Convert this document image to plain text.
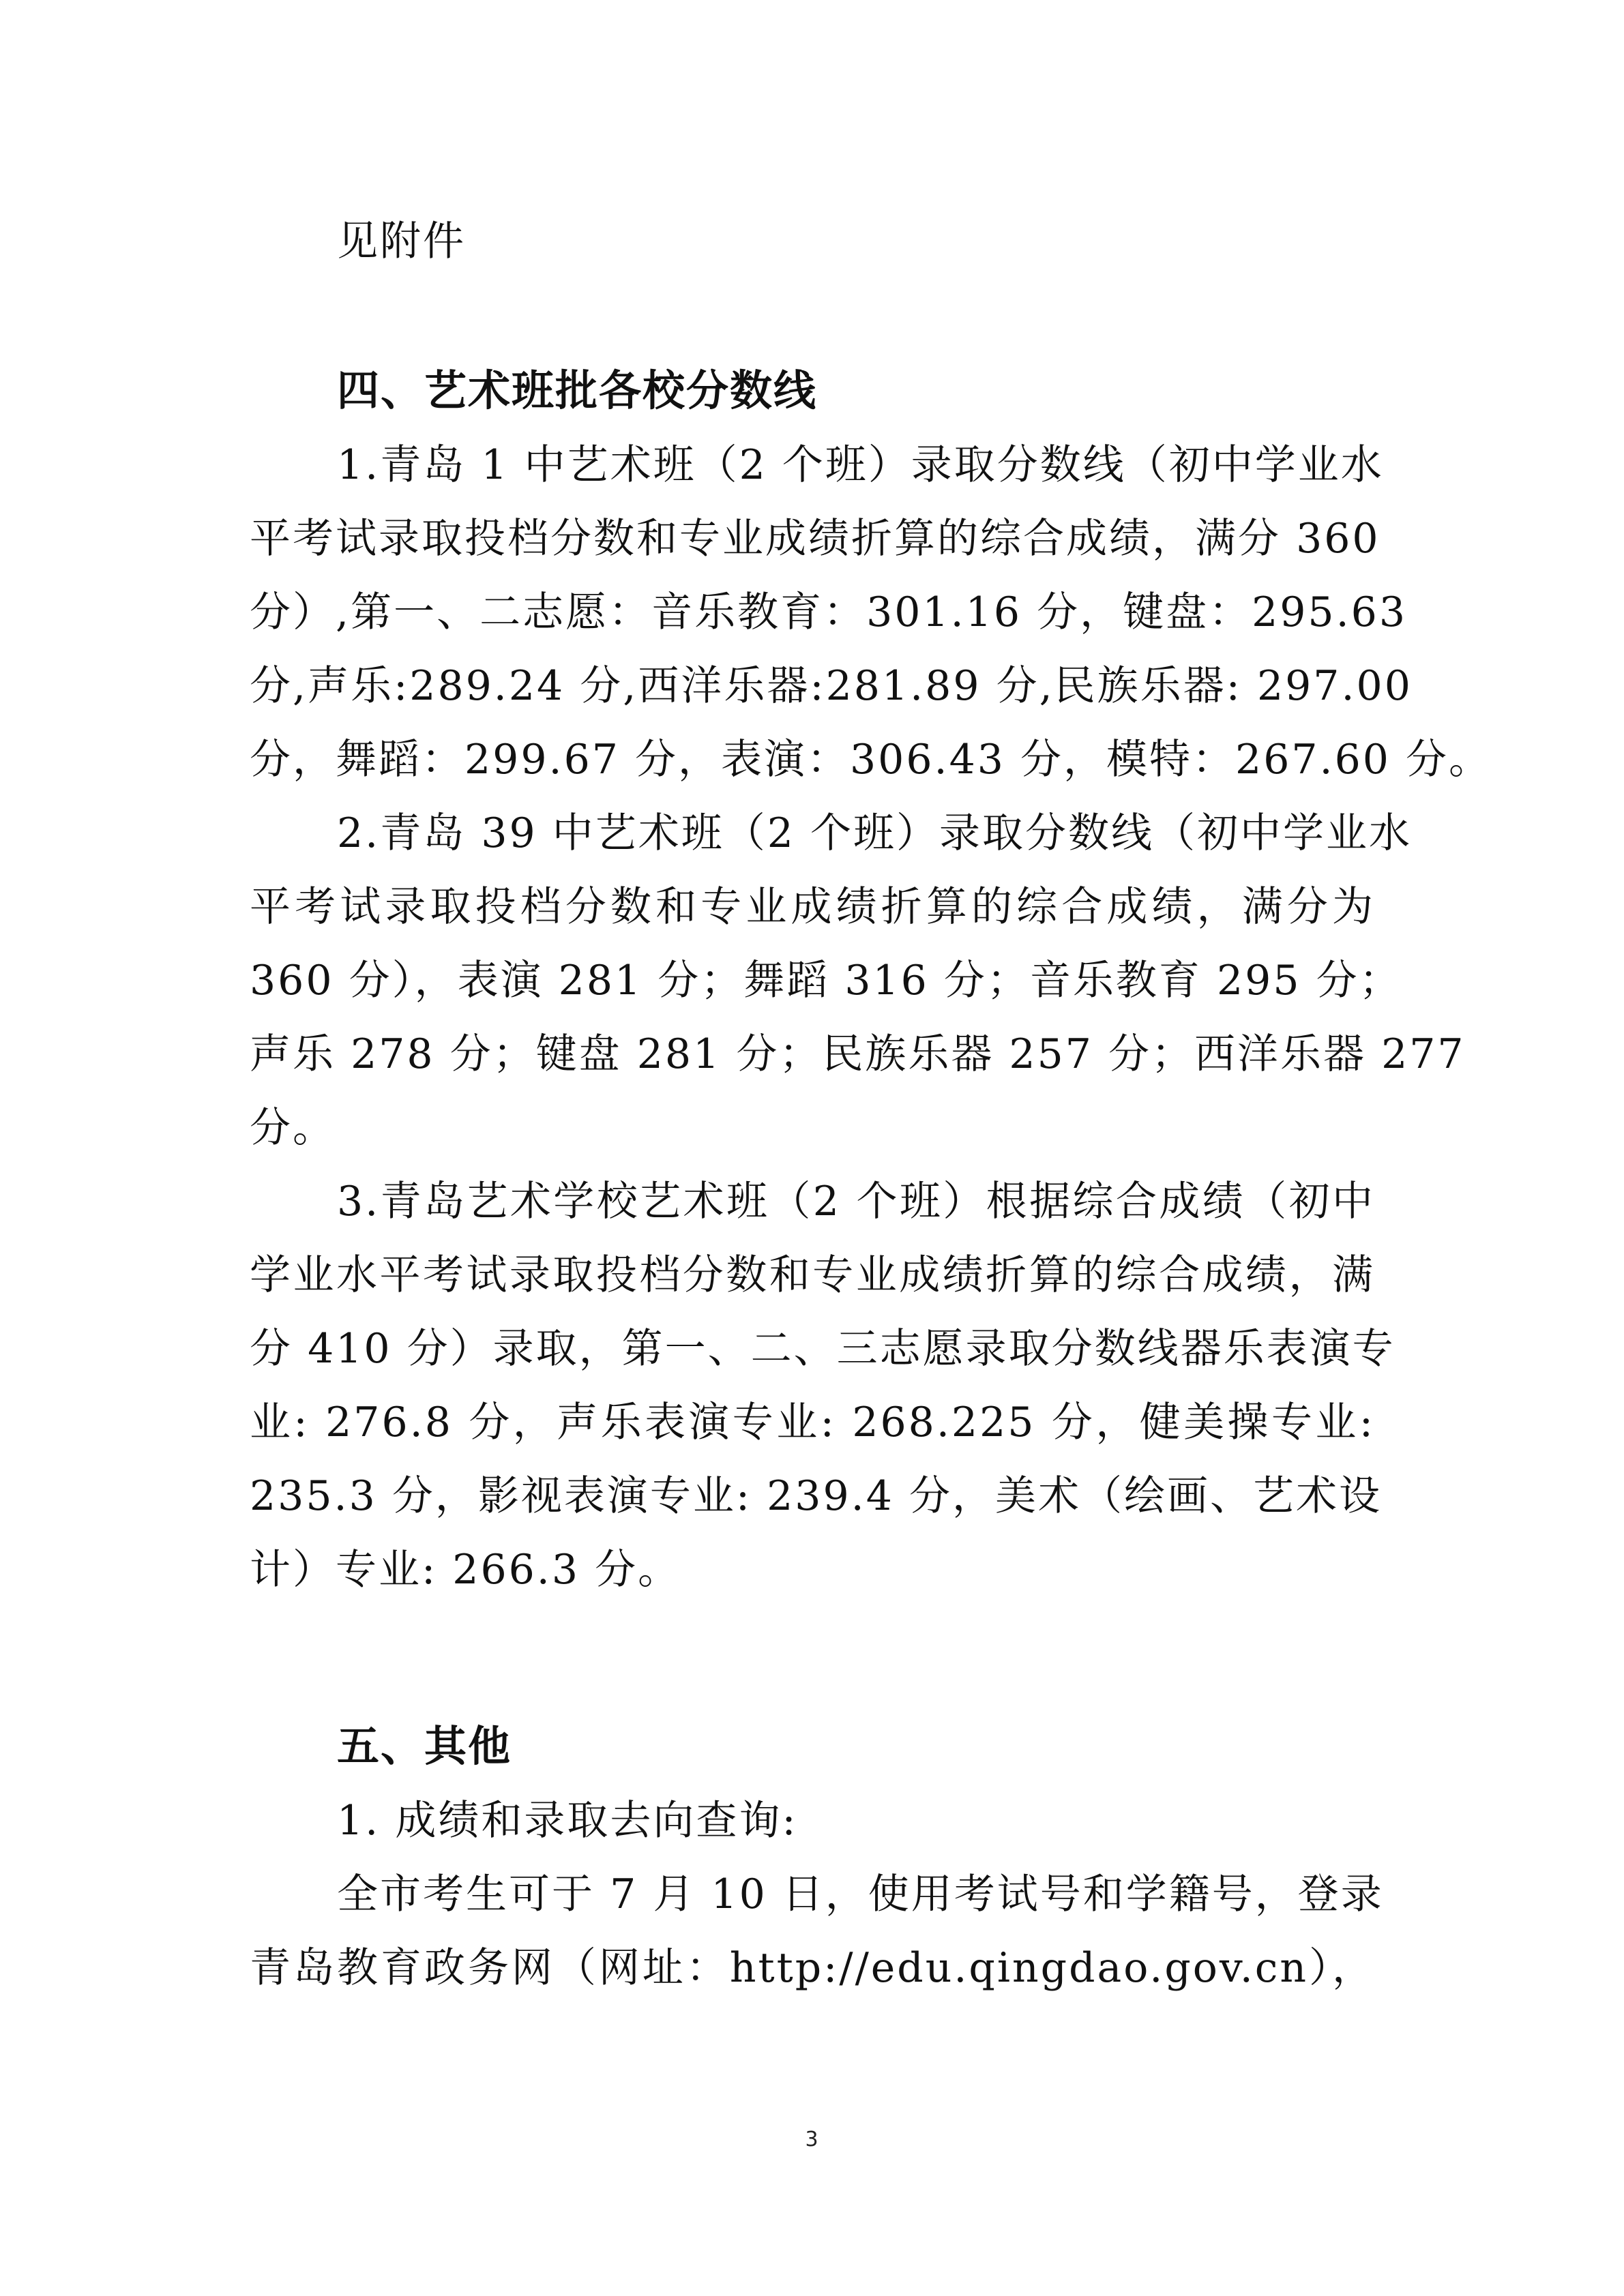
见附件

四、艺术班批各校分数线

1.青岛 1 中艺术班（2 个班）录取分数线（初中学业水

平考试录取投档分数和专业成绩折算的综合成绩，满分 360

分）,第一、二志愿：音乐教育：301.16 分，键盘：295.63

分,声乐:289.24 分,西洋乐器:281.89 分,民族乐器: 297.00

分，舞蹈：299.67 分，表演：306.43 分，模特：267.60 分。

2.青岛 39 中艺术班（2 个班）录取分数线（初中学业水

平考试录取投档分数和专业成绩折算的综合成绩，满分为

360 分），表演 281 分；舞蹈 316 分；音乐教育 295 分；

声乐 278 分；键盘 281 分；民族乐器 257 分；西洋乐器 277

分。

3.青岛艺术学校艺术班（2 个班）根据综合成绩（初中

学业水平考试录取投档分数和专业成绩折算的综合成绩，满

分 410 分）录取，第一、二、三志愿录取分数线器乐表演专

业: 276.8 分，声乐表演专业: 268.225 分，健美操专业:

235.3 分，影视表演专业: 239.4 分，美术（绘画、艺术设

计）专业: 266.3 分。

五、其他

1. 成绩和录取去向查询:

全市考生可于 7 月 10 日，使用考试号和学籍号，登录

青岛教育政务网（网址：http://edu.qingdao.gov.cn），

3
